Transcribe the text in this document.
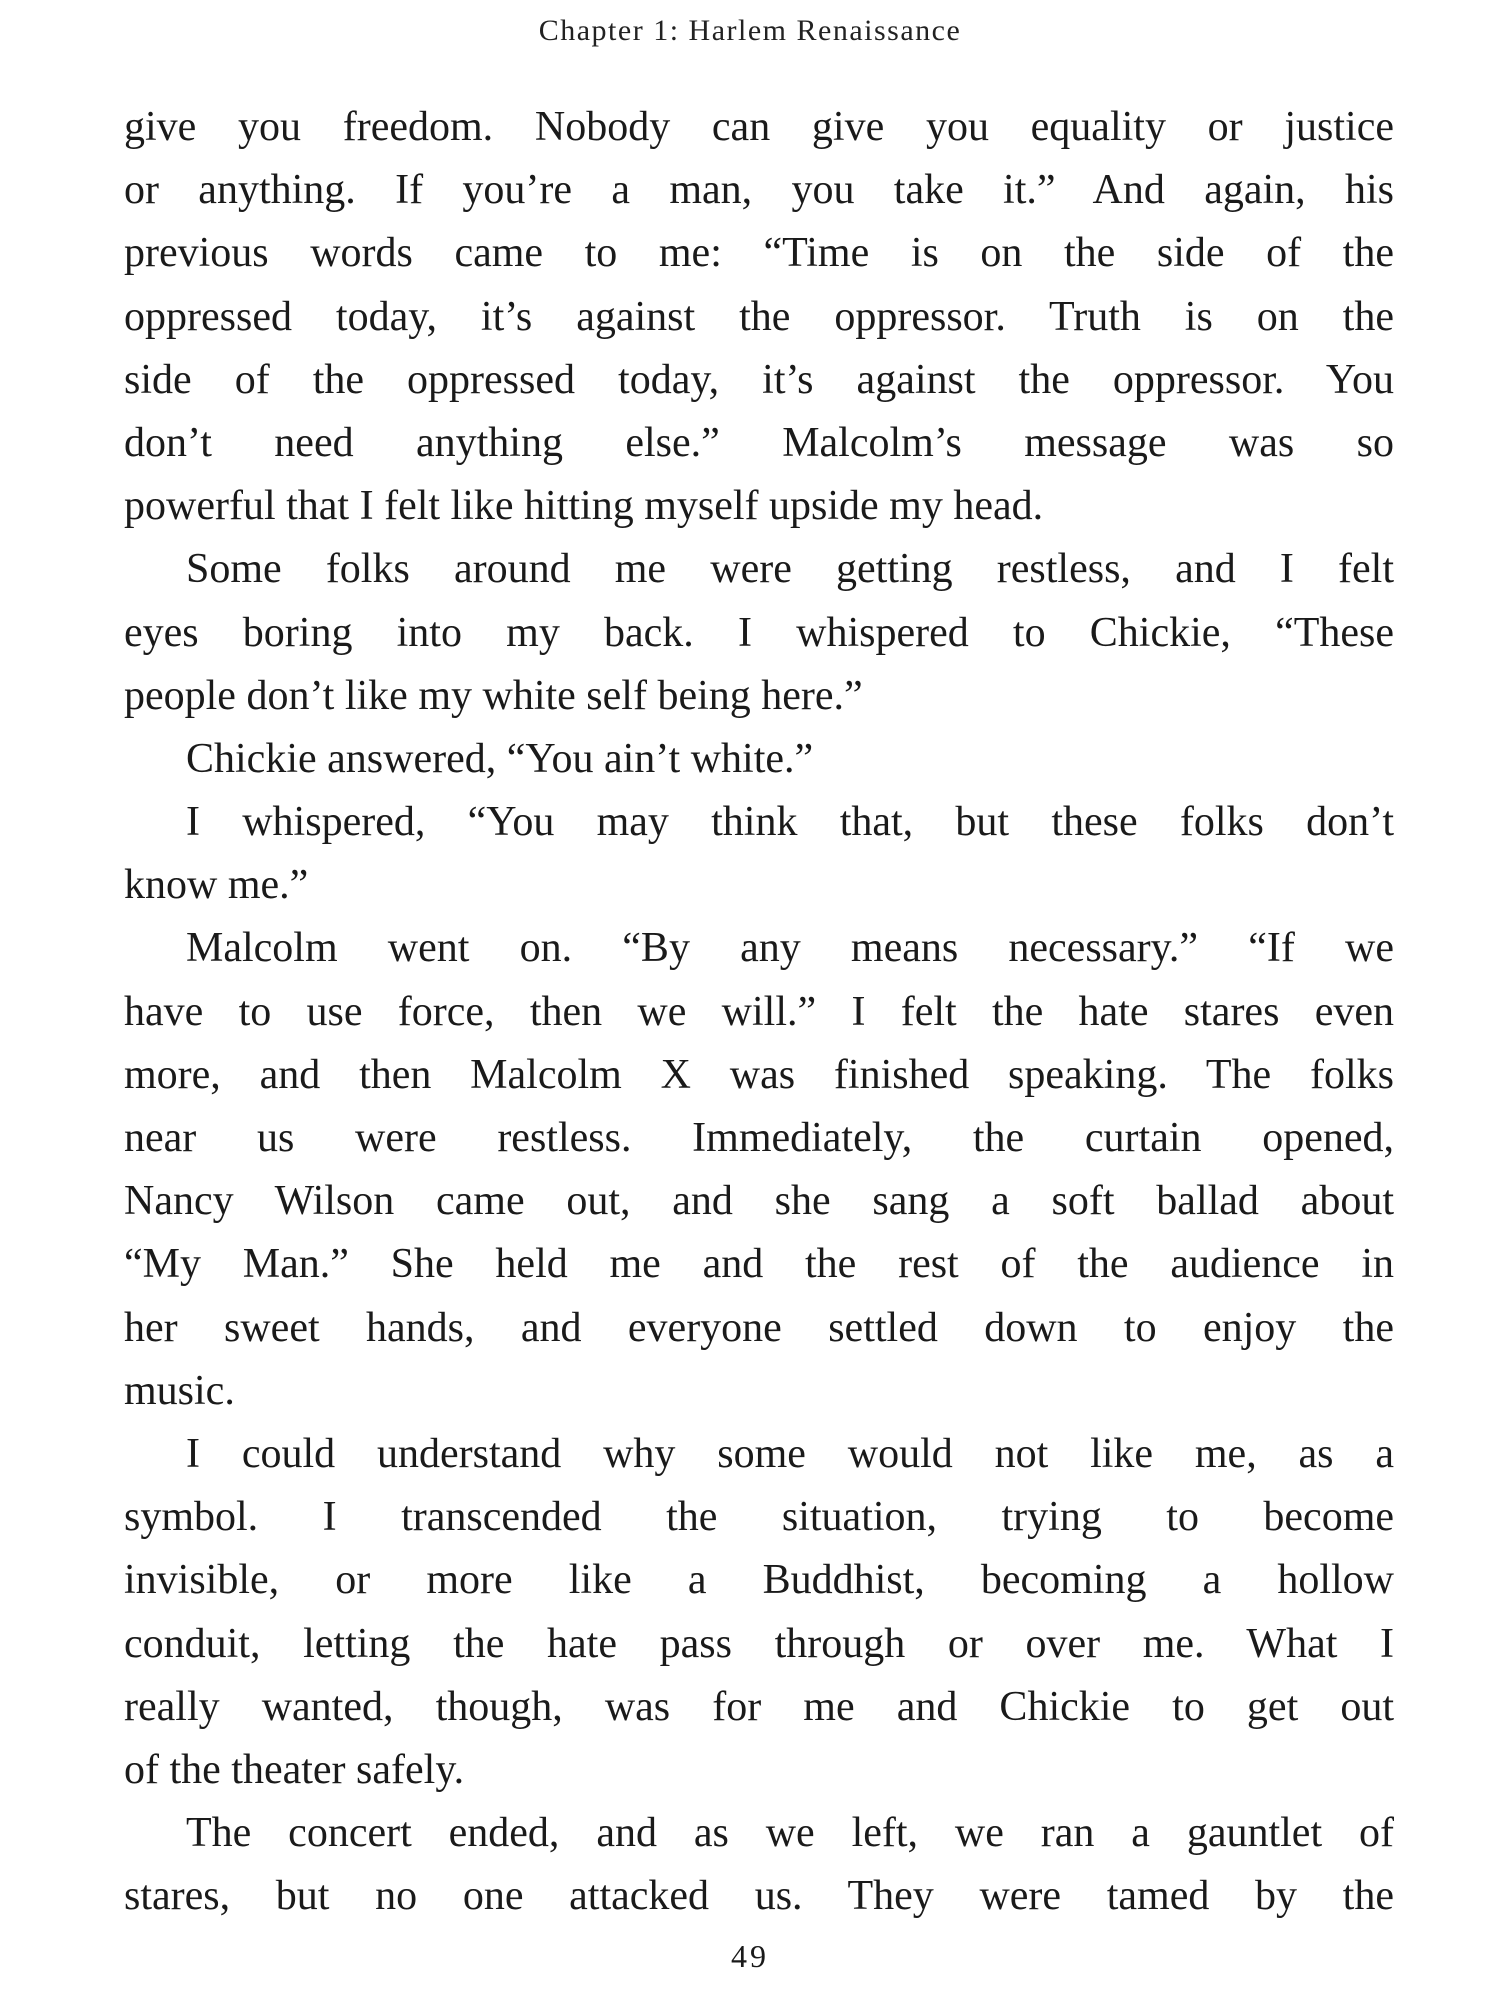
Chapter 1: Harlem Renaissance
give you freedom. Nobody can give you equality or justice
or anything. If you’re a man, you take it.” And again, his
previous words came to me: “Time is on the side of the
oppressed today, it’s against the oppressor. Truth is on the
side of the oppressed today, it’s against the oppressor. You
don’t need anything else.” Malcolm’s message was so
powerful that I felt like hitting myself upside my head.
Some folks around me were getting restless, and I felt
eyes boring into my back. I whispered to Chickie, “These
people don’t like my white self being here.”
Chickie answered, “You ain’t white.”
I whispered, “You may think that, but these folks don’t
know me.”
Malcolm went on. “By any means necessary.” “If we
have to use force, then we will.” I felt the hate stares even
more, and then Malcolm X was finished speaking. The folks
near us were restless. Immediately, the curtain opened,
Nancy Wilson came out, and she sang a soft ballad about
“My Man.” She held me and the rest of the audience in
her sweet hands, and everyone settled down to enjoy the
music.
I could understand why some would not like me, as a
symbol. I transcended the situation, trying to become
invisible, or more like a Buddhist, becoming a hollow
conduit, letting the hate pass through or over me. What I
really wanted, though, was for me and Chickie to get out
of the theater safely.
The concert ended, and as we left, we ran a gauntlet of
stares, but no one attacked us. They were tamed by the
49
